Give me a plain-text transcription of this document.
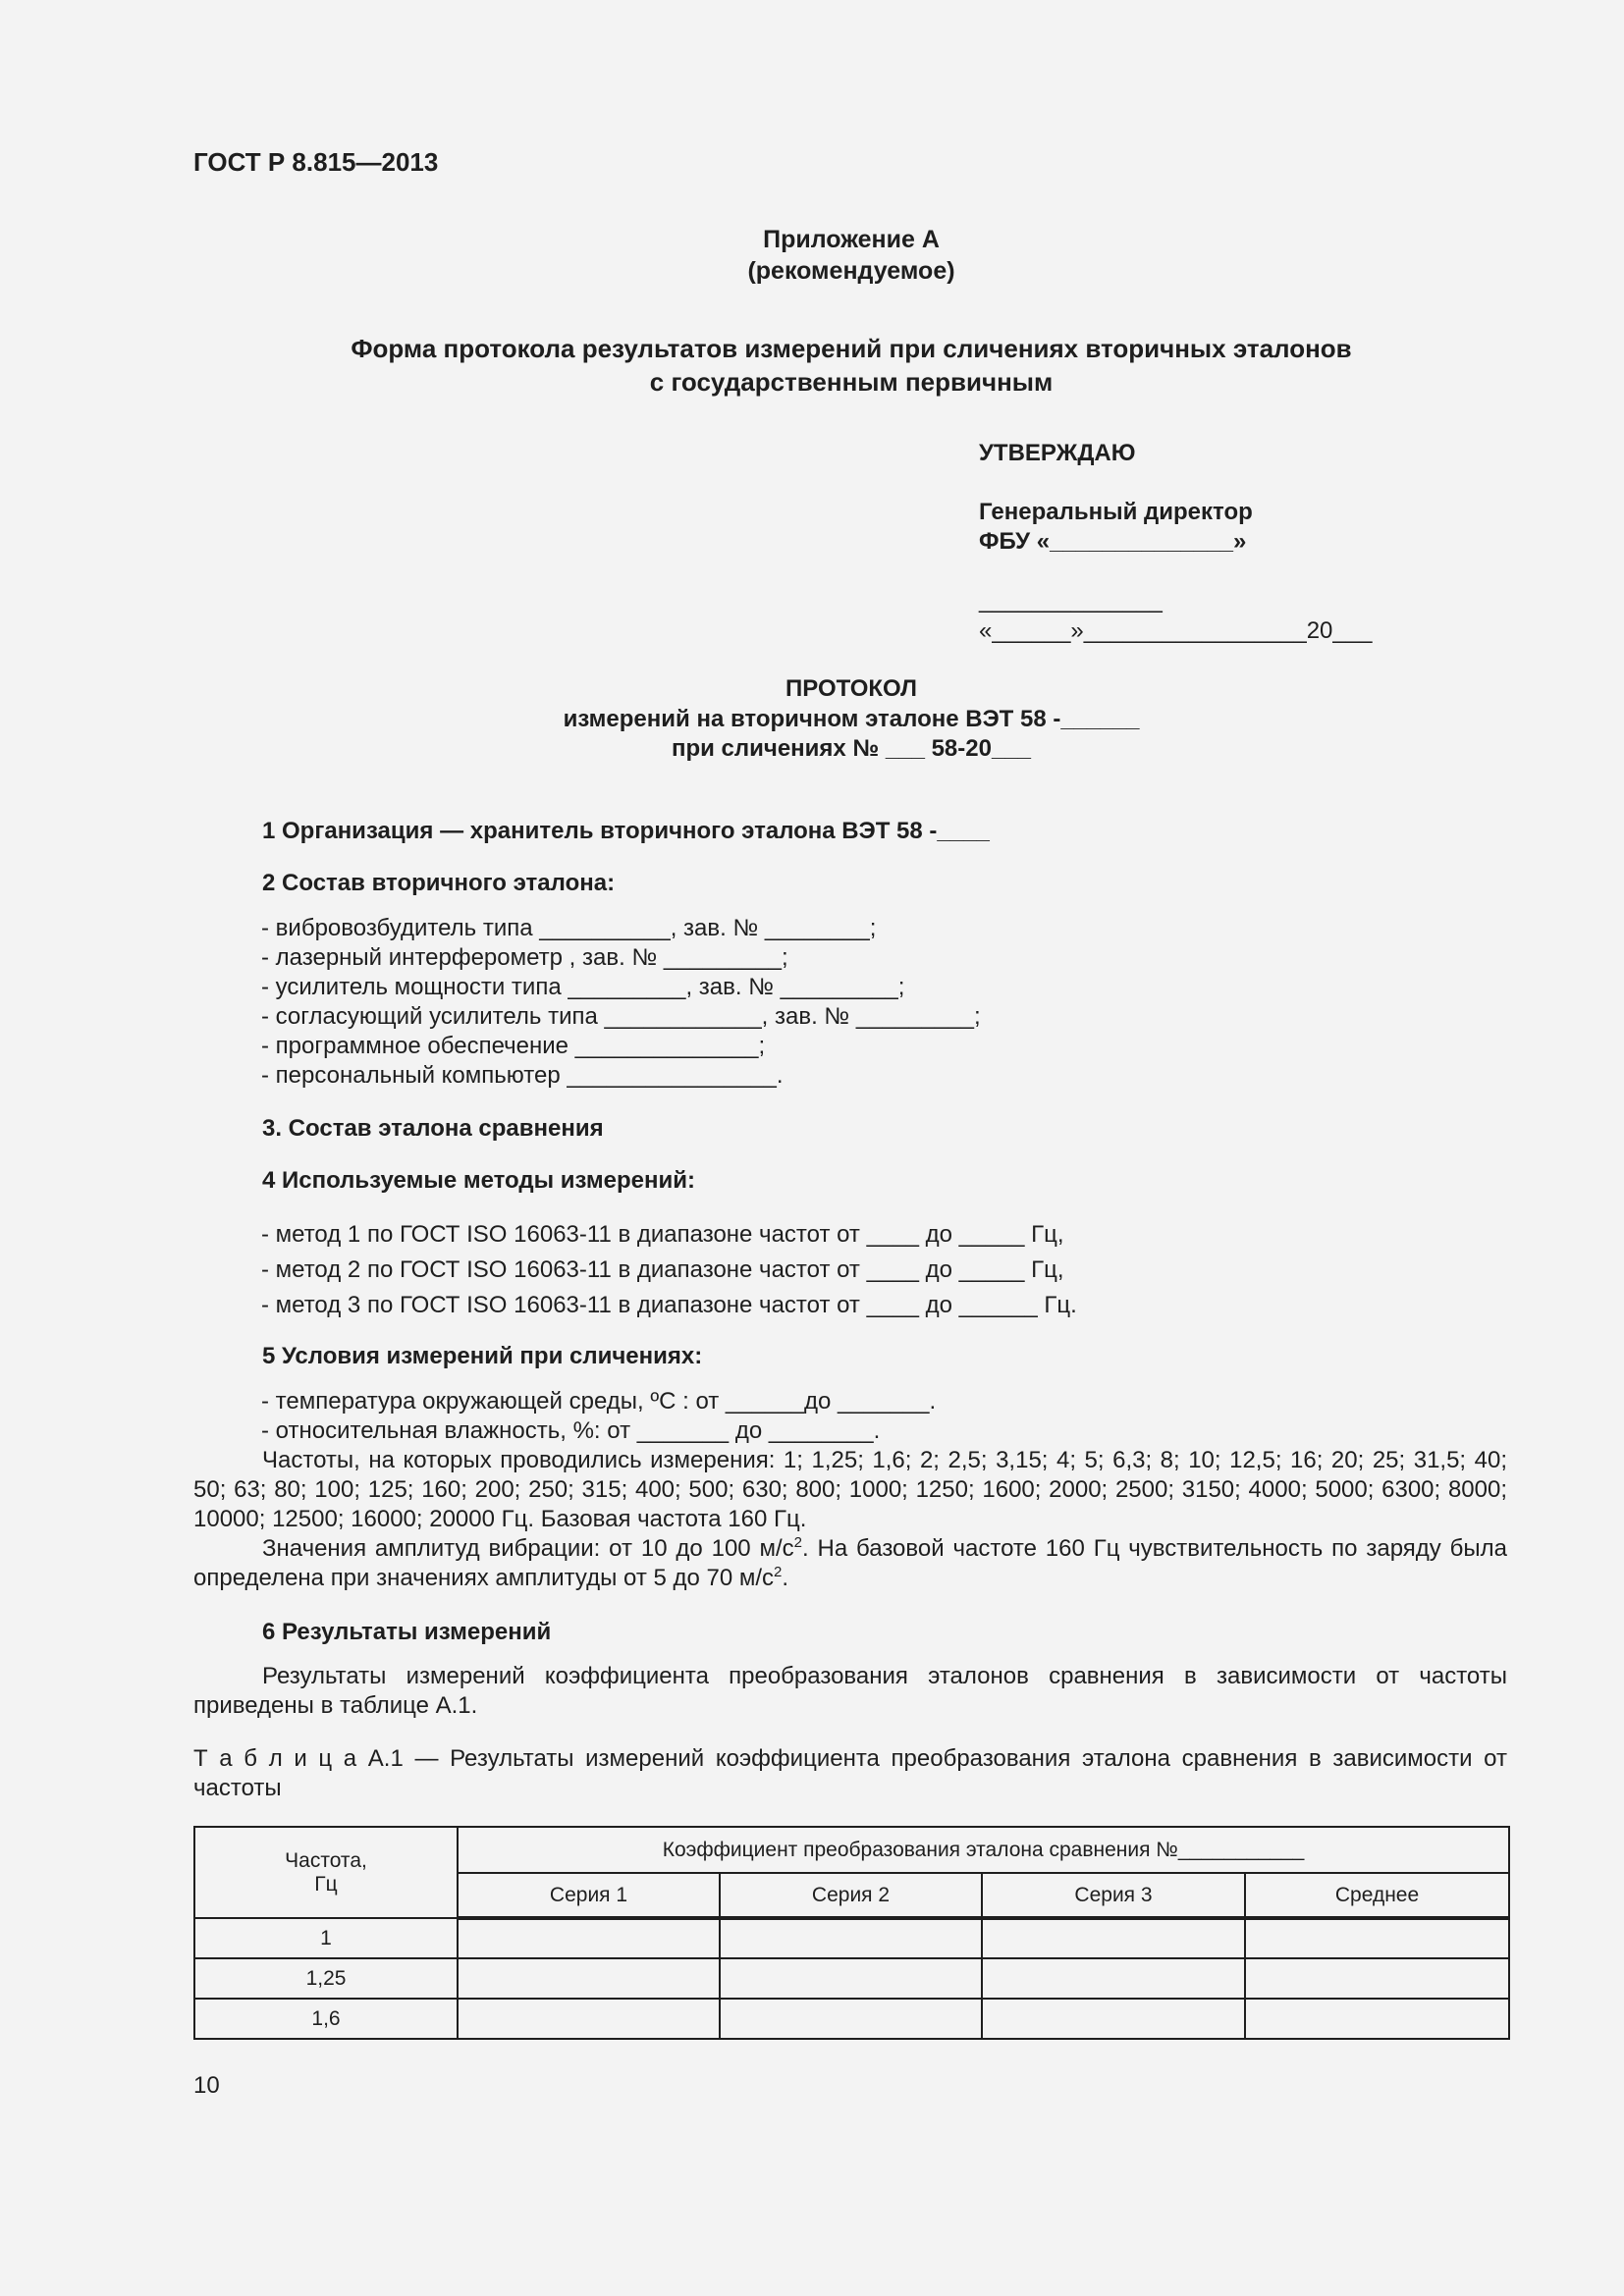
ГОСТ Р 8.815—2013
Приложение А
(рекомендуемое)
Форма протокола результатов измерений при сличениях вторичных эталонов
с государственным первичным
УТВЕРЖДАЮ
Генеральный директор
ФБУ «______________»
______________
«______»_________________20___
ПРОТОКОЛ
измерений на вторичном эталоне ВЭТ 58 -______
при сличениях № ___ 58-20___
1 Организация — хранитель вторичного эталона ВЭТ 58 -____
2 Состав вторичного эталона:
- вибровозбудитель типа __________, зав. № ________;
- лазерный интерферометр , зав. № _________;
- усилитель мощности типа _________, зав. № _________;
- согласующий усилитель типа ____________, зав. № _________;
- программное обеспечение ______________;
- персональный компьютер ________________.
3. Состав эталона сравнения
4 Используемые методы измерений:
- метод 1 по ГОСТ ISO 16063-11 в диапазоне частот от ____ до _____ Гц,
- метод 2 по ГОСТ ISO 16063-11 в диапазоне частот от ____ до _____ Гц,
- метод 3 по ГОСТ ISO 16063-11 в диапазоне частот от ____ до ______ Гц.
5 Условия измерений при сличениях:
- температура окружающей среды, ºС : от ______до _______.
- относительная влажность, %: от _______ до ________.
Частоты, на которых проводились измерения: 1; 1,25; 1,6; 2; 2,5; 3,15; 4; 5; 6,3; 8; 10; 12,5; 16; 20; 25; 31,5; 40; 50; 63; 80; 100; 125; 160; 200; 250; 315; 400; 500; 630; 800; 1000; 1250; 1600; 2000; 2500; 3150; 4000; 5000; 6300; 8000; 10000; 12500; 16000; 20000 Гц. Базовая частота 160 Гц.
Значения амплитуд вибрации: от 10 до 100 $м/с^2$. На базовой частоте 160 Гц чувствительность по заряду была определена при значениях амплитуды от 5 до 70 $м/с^2$.
6 Результаты измерений
Результаты измерений коэффициента преобразования эталонов сравнения в зависимости от частоты приведены в таблице А.1.
Т а б л и ц а А.1 — Результаты измерений коэффициента преобразования эталона сравнения в зависимости от частоты
Частота,
Гц	Коэффициент преобразования эталона сравнения №___________			
	Серия 1	Серия 2	Серия 3	Среднее
1				
1,25				
1,6				
10
